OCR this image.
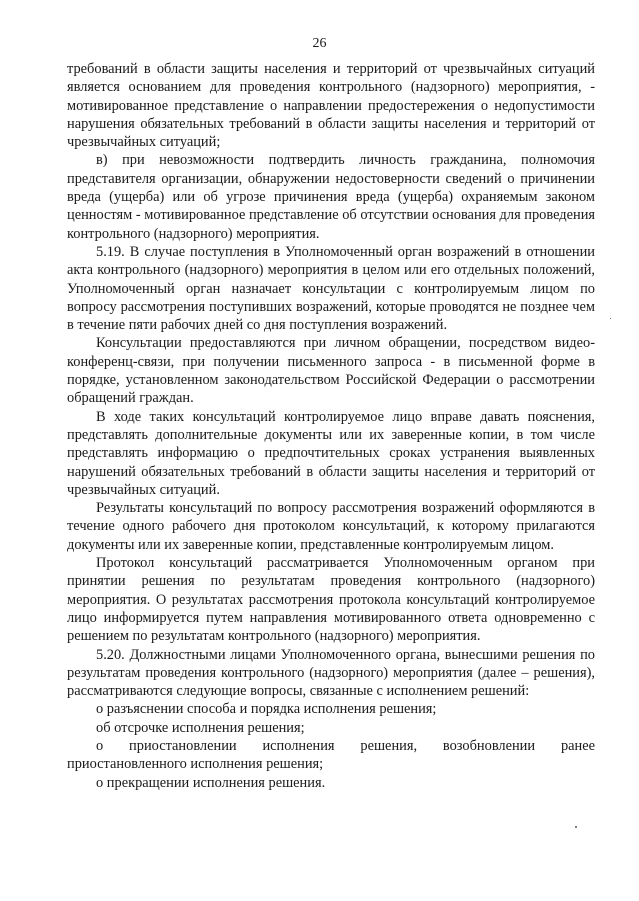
26

требований в области защиты населения и территорий от чрезвычайных ситуаций является основанием для проведения контрольного (надзорного) мероприятия, - мотивированное представление о направлении предостережения о недопустимости нарушения обязательных требований в области защиты населения и территорий от чрезвычайных ситуаций;

в) при невозможности подтвердить личность гражданина, полномочия представителя организации, обнаружении недостоверности сведений о причинении вреда (ущерба) или об угрозе причинения вреда (ущерба) охраняемым законом ценностям - мотивированное представление об отсутствии основания для проведения контрольного (надзорного) мероприятия.

5.19. В случае поступления в Уполномоченный орган возражений в отношении акта контрольного (надзорного) мероприятия в целом или его отдельных положений, Уполномоченный орган назначает консультации с контролируемым лицом по вопросу рассмотрения поступивших возражений, которые проводятся не позднее чем в течение пяти рабочих дней со дня поступления возражений.

Консультации предоставляются при личном обращении, посредством видео-конференц-связи, при получении письменного запроса - в письменной форме в порядке, установленном законодательством Российской Федерации о рассмотрении обращений граждан.

В ходе таких консультаций контролируемое лицо вправе давать пояснения, представлять дополнительные документы или их заверенные копии, в том числе представлять информацию о предпочтительных сроках устранения выявленных нарушений обязательных требований в области защиты населения и территорий от чрезвычайных ситуаций.

Результаты консультаций по вопросу рассмотрения возражений оформляются в течение одного рабочего дня протоколом консультаций, к которому прилагаются документы или их заверенные копии, представленные контролируемым лицом.

Протокол консультаций рассматривается Уполномоченным органом при принятии решения по результатам проведения контрольного (надзорного) мероприятия. О результатах рассмотрения протокола консультаций контролируемое лицо информируется путем направления мотивированного ответа одновременно с решением по результатам контрольного (надзорного) мероприятия.

5.20. Должностными лицами Уполномоченного органа, вынесшими решения по результатам проведения контрольного (надзорного) мероприятия (далее – решения), рассматриваются следующие вопросы, связанные с исполнением решений:

о разъяснении способа и порядка исполнения решения;

об отсрочке исполнения решения;

о приостановлении исполнения решения, возобновлении ранее приостановленного исполнения решения;

о прекращении исполнения решения.
